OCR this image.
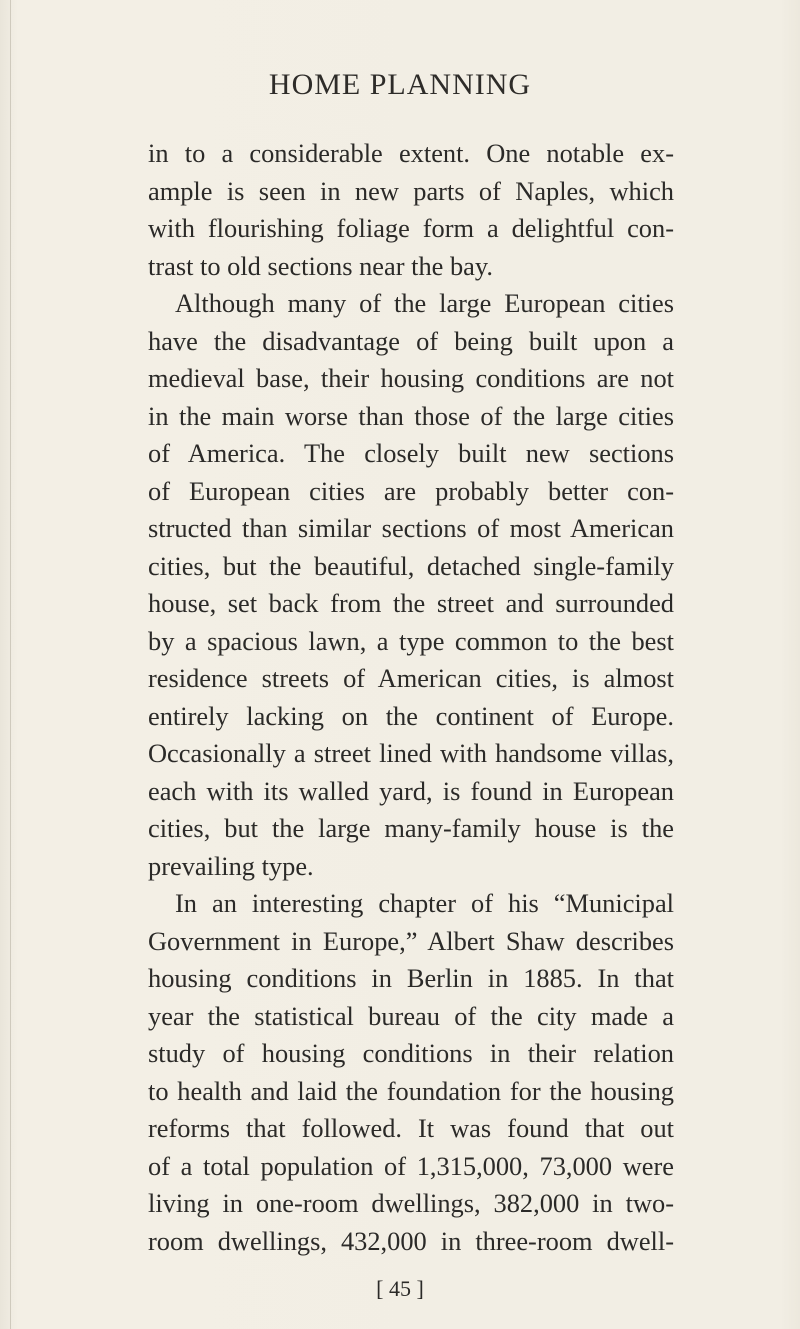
HOME PLANNING
in to a considerable extent. One notable ex-
ample is seen in new parts of Naples, which
with flourishing foliage form a delightful con-
trast to old sections near the bay.
Although many of the large European cities
have the disadvantage of being built upon a
medieval base, their housing conditions are not
in the main worse than those of the large cities
of America. The closely built new sections
of European cities are probably better con-
structed than similar sections of most American
cities, but the beautiful, detached single-family
house, set back from the street and surrounded
by a spacious lawn, a type common to the best
residence streets of American cities, is almost
entirely lacking on the continent of Europe.
Occasionally a street lined with handsome villas,
each with its walled yard, is found in European
cities, but the large many-family house is the
prevailing type.
In an interesting chapter of his “Municipal
Government in Europe,” Albert Shaw describes
housing conditions in Berlin in 1885. In that
year the statistical bureau of the city made a
study of housing conditions in their relation
to health and laid the foundation for the housing
reforms that followed. It was found that out
of a total population of 1,315,000, 73,000 were
living in one-room dwellings, 382,000 in two-
room dwellings, 432,000 in three-room dwell-
[ 45 ]
